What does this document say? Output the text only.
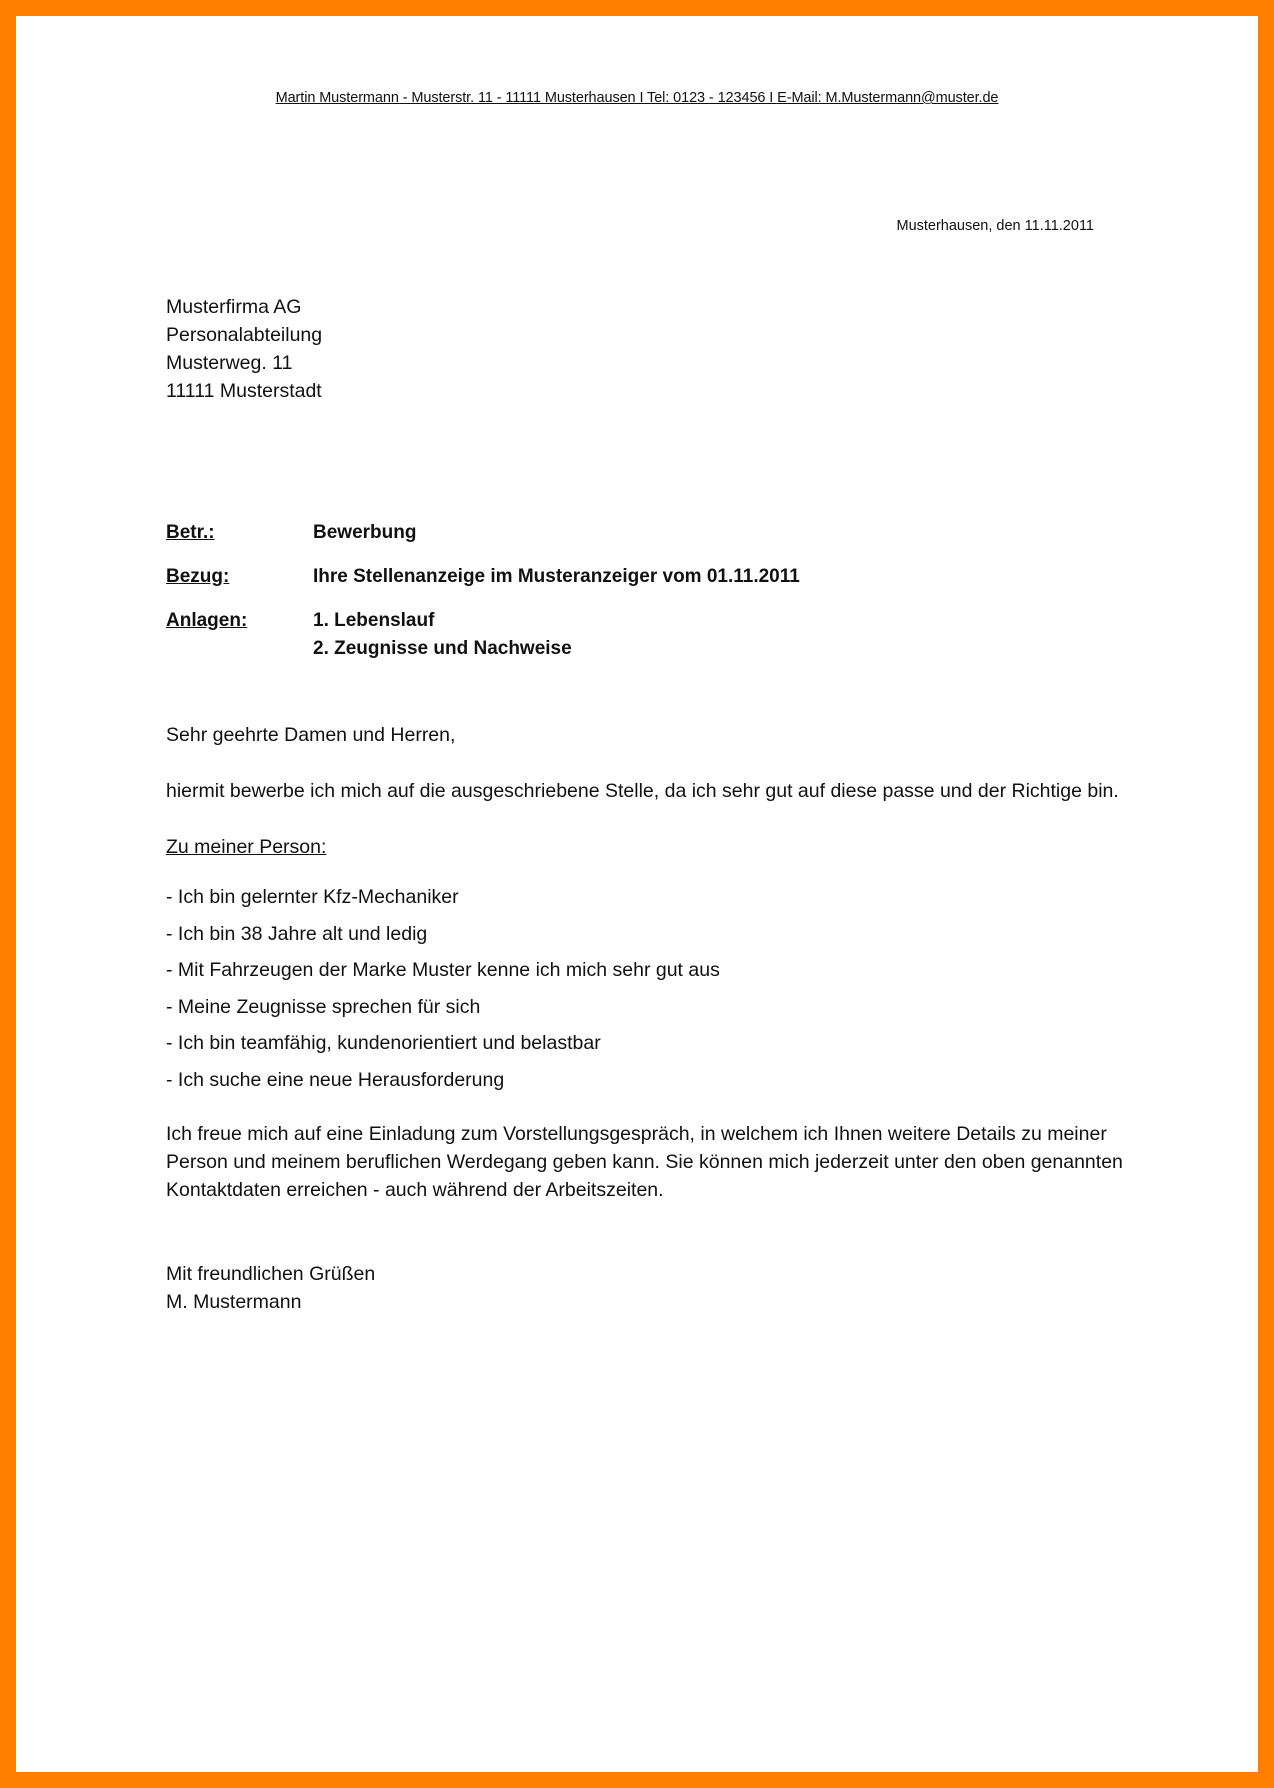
Martin Mustermann - Musterstr. 11 - 11111 Musterhausen I Tel: 0123 - 123456 I E-Mail: M.Mustermann@muster.de
Musterhausen, den 11.11.2011
Musterfirma AG
Personalabteilung
Musterweg. 11
11111 Musterstadt
Betr.:	Bewerbung
Bezug:	Ihre Stellenanzeige im Musteranzeiger vom 01.11.2011
Anlagen:	1. Lebenslauf
2. Zeugnisse und Nachweise

Sehr geehrte Damen und Herren,

hiermit bewerbe ich mich auf die ausgeschriebene Stelle, da ich sehr gut auf diese passe und der Richtige bin.

Zu meiner Person:

- Ich bin gelernter Kfz-Mechaniker
- Ich bin 38 Jahre alt und ledig
- Mit Fahrzeugen der Marke Muster kenne ich mich sehr gut aus
- Meine Zeugnisse sprechen für sich
- Ich bin teamfähig, kundenorientiert und belastbar
- Ich suche eine neue Herausforderung

Ich freue mich auf eine Einladung zum Vorstellungsgespräch, in welchem ich Ihnen weitere Details zu meiner Person und meinem beruflichen Werdegang geben kann. Sie können mich jederzeit unter den oben genannten Kontaktdaten erreichen - auch während der Arbeitszeiten.

Mit freundlichen Grüßen
M. Mustermann
